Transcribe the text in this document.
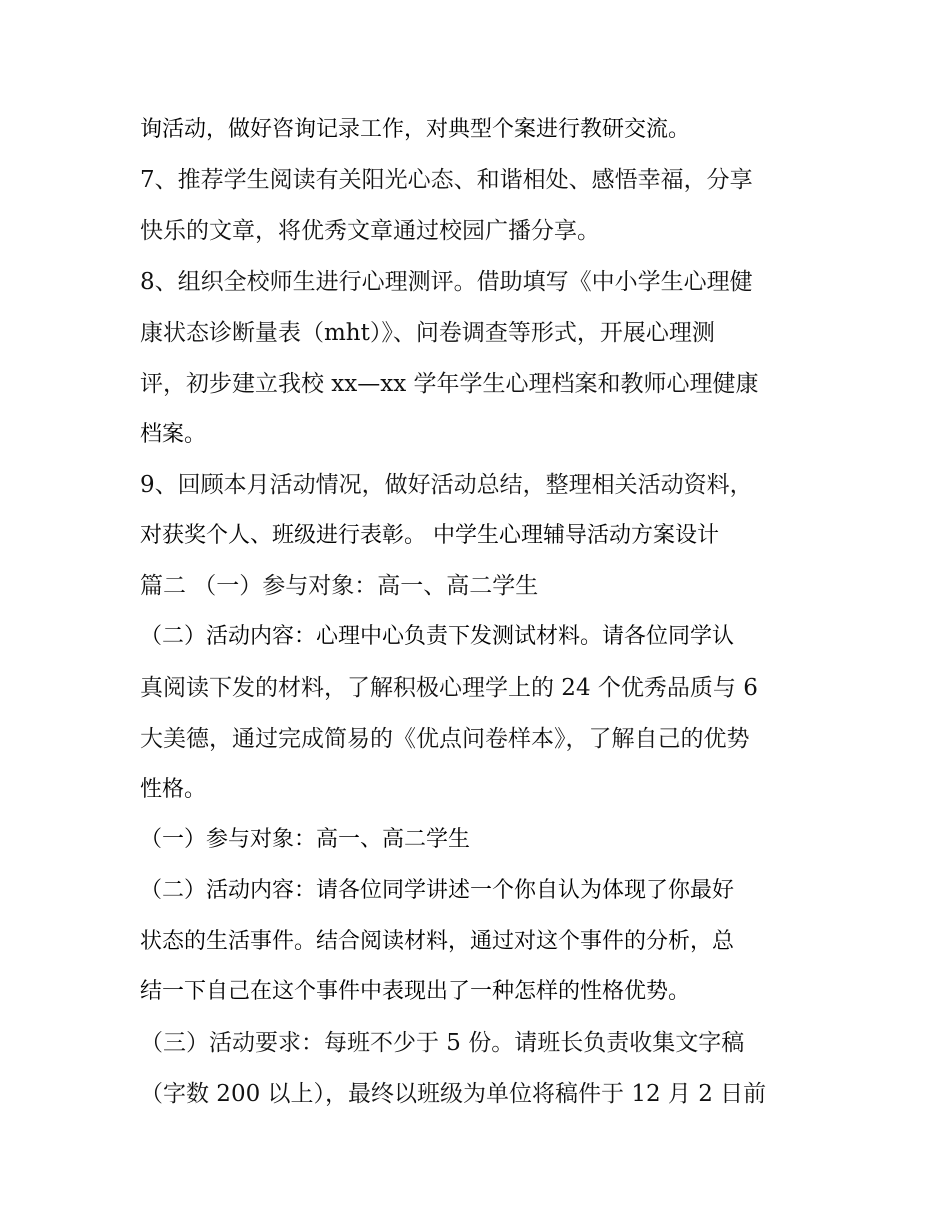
询活动，做好咨询记录工作，对典型个案进行教研交流。
7、推荐学生阅读有关阳光心态、和谐相处、感悟幸福，分享
快乐的文章，将优秀文章通过校园广播分享。
8、组织全校师生进行心理测评。借助填写《中小学生心理健
康状态诊断量表（mht）》、问卷调查等形式，开展心理测
评，初步建立我校 xx—xx 学年学生心理档案和教师心理健康
档案。
9、回顾本月活动情况，做好活动总结，整理相关活动资料，
对获奖个人、班级进行表彰。 中学生心理辅导活动方案设计
篇二 （一）参与对象：高一、高二学生
（二）活动内容：心理中心负责下发测试材料。请各位同学认
真阅读下发的材料，了解积极心理学上的 24 个优秀品质与 6
大美德，通过完成简易的《优点问卷样本》，了解自己的优势
性格。
（一）参与对象：高一、高二学生
（二）活动内容：请各位同学讲述一个你自认为体现了你最好
状态的生活事件。结合阅读材料，通过对这个事件的分析，总
结一下自己在这个事件中表现出了一种怎样的性格优势。
（三）活动要求：每班不少于 5 份。请班长负责收集文字稿
（字数 200 以上），最终以班级为单位将稿件于 12 月 2 日前
